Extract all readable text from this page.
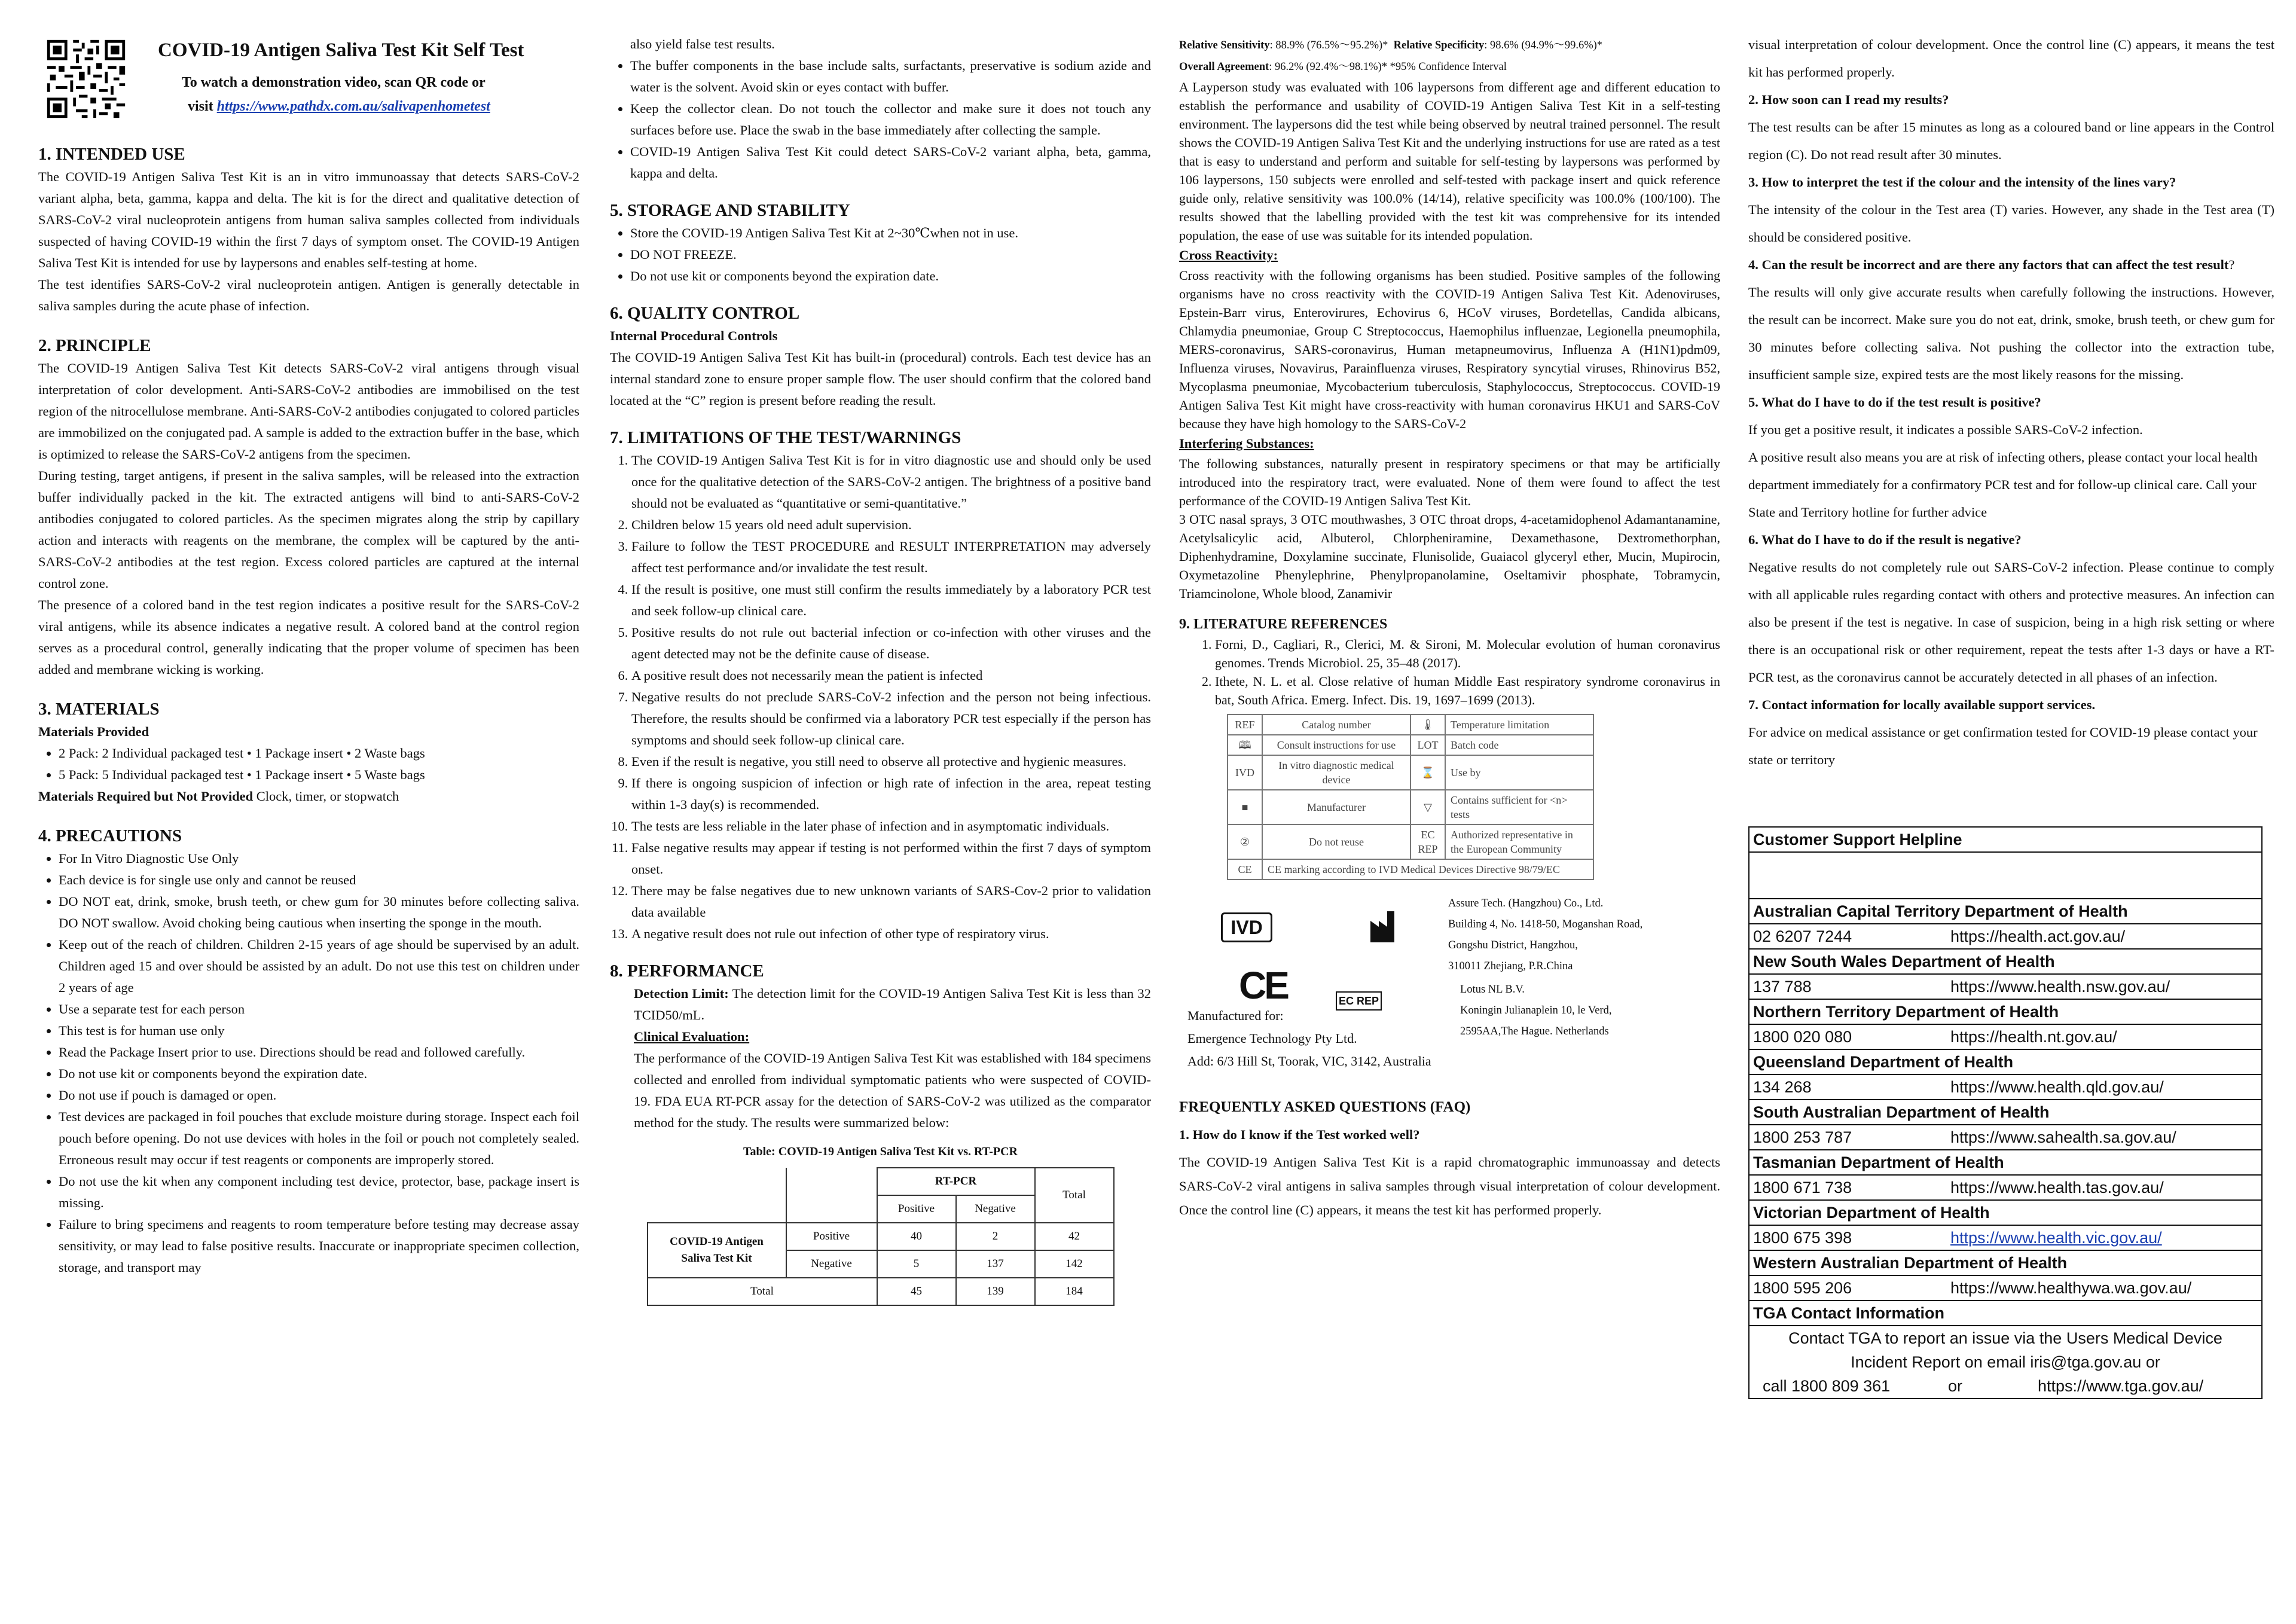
COVID-19 Antigen Saliva Test Kit Self Test
To watch a demonstration video, scan QR code or
visit https://www.pathdx.com.au/salivapenhometest
1. INTENDED USE

The COVID-19 Antigen Saliva Test Kit is an in vitro immunoassay that detects SARS-CoV-2 variant alpha, beta, gamma, kappa and delta. The kit is for the direct and qualitative detection of SARS-CoV-2 viral nucleoprotein antigens from human saliva samples collected from individuals suspected of having COVID-19 within the first 7 days of symptom onset. The COVID-19 Antigen Saliva Test Kit is intended for use by laypersons and enables self-testing at home.

The test identifies SARS-CoV-2 viral nucleoprotein antigen. Antigen is generally detectable in saliva samples during the acute phase of infection.

2. PRINCIPLE

The COVID-19 Antigen Saliva Test Kit detects SARS-CoV-2 viral antigens through visual interpretation of color development. Anti-SARS-CoV-2 antibodies are immobilised on the test region of the nitrocellulose membrane. Anti-SARS-CoV-2 antibodies conjugated to colored particles are immobilized on the conjugated pad. A sample is added to the extraction buffer in the base, which is optimized to release the SARS-CoV-2 antigens from the specimen.

During testing, target antigens, if present in the saliva samples, will be released into the extraction buffer individually packed in the kit. The extracted antigens will bind to anti-SARS-CoV-2 antibodies conjugated to colored particles. As the specimen migrates along the strip by capillary action and interacts with reagents on the membrane, the complex will be captured by the anti-SARS-CoV-2 antibodies at the test region. Excess colored particles are captured at the internal control zone.

The presence of a colored band in the test region indicates a positive result for the SARS-CoV-2 viral antigens, while its absence indicates a negative result. A colored band at the control region serves as a procedural control, generally indicating that the proper volume of specimen has been added and membrane wicking is working.

3. MATERIALS
Materials Provided
• 2 Pack: 2 Individual packaged test • 1 Package insert • 2 Waste bags
• 5 Pack: 5 Individual packaged test • 1 Package insert • 5 Waste bags
Materials Required but Not Provided Clock, timer, or stopwatch
4. PRECAUTIONS
• For In Vitro Diagnostic Use Only
• Each device is for single use only and cannot be reused
• DO NOT eat, drink, smoke, brush teeth, or chew gum for 30 minutes before collecting saliva. DO NOT swallow. Avoid choking being cautious when inserting the sponge in the mouth.
• Keep out of the reach of children. Children 2-15 years of age should be supervised by an adult. Children aged 15 and over should be assisted by an adult. Do not use this test on children under 2 years of age
• Use a separate test for each person
• This test is for human use only
• Read the Package Insert prior to use. Directions should be read and followed carefully.
• Do not use kit or components beyond the expiration date.
• Do not use if pouch is damaged or open.
• Test devices are packaged in foil pouches that exclude moisture during storage. Inspect each foil pouch before opening. Do not use devices with holes in the foil or pouch not completely sealed. Erroneous result may occur if test reagents or components are improperly stored.
• Do not use the kit when any component including test device, protector, base, package insert is missing.
• Failure to bring specimens and reagents to room temperature before testing may decrease assay sensitivity, or may lead to false positive results. Inaccurate or inappropriate specimen collection, storage, and transport may

also yield false test results.

• The buffer components in the base include salts, surfactants, preservative is sodium azide and water is the solvent. Avoid skin or eyes contact with buffer.
• Keep the collector clean. Do not touch the collector and make sure it does not touch any surfaces before use. Place the swab in the base immediately after collecting the sample.
• COVID-19 Antigen Saliva Test Kit could detect SARS-CoV-2 variant alpha, beta, gamma, kappa and delta.
5. STORAGE AND STABILITY
• Store the COVID-19 Antigen Saliva Test Kit at 2~30℃when not in use.
• DO NOT FREEZE.
• Do not use kit or components beyond the expiration date.
6. QUALITY CONTROL
Internal Procedural Controls

The COVID-19 Antigen Saliva Test Kit has built-in (procedural) controls. Each test device has an internal standard zone to ensure proper sample flow. The user should confirm that the colored band located at the “C” region is present before reading the result.

7. LIMITATIONS OF THE TEST/WARNINGS
1. The COVID-19 Antigen Saliva Test Kit is for in vitro diagnostic use and should only be used once for the qualitative detection of the SARS-CoV-2 antigen. The brightness of a positive band should not be evaluated as “quantitative or semi-quantitative.”
2. Children below 15 years old need adult supervision.
3. Failure to follow the TEST PROCEDURE and RESULT INTERPRETATION may adversely affect test performance and/or invalidate the test result.
4. If the result is positive, one must still confirm the results immediately by a laboratory PCR test and seek follow-up clinical care.
5. Positive results do not rule out bacterial infection or co-infection with other viruses and the agent detected may not be the definite cause of disease.
6. A positive result does not necessarily mean the patient is infected
7. Negative results do not preclude SARS-CoV-2 infection and the person not being infectious. Therefore, the results should be confirmed via a laboratory PCR test especially if the person has symptoms and should seek follow-up clinical care.
8. Even if the result is negative, you still need to observe all protective and hygienic measures.
9. If there is ongoing suspicion of infection or high rate of infection in the area, repeat testing within 1-3 day(s) is recommended.
10. The tests are less reliable in the later phase of infection and in asymptomatic individuals.
11. False negative results may appear if testing is not performed within the first 7 days of symptom onset.
12. There may be false negatives due to new unknown variants of SARS-Cov-2 prior to validation data available
13. A negative result does not rule out infection of other type of respiratory virus.
8. PERFORMANCE

Detection Limit: The detection limit for the COVID-19 Antigen Saliva Test Kit is less than 32 TCID50/mL.

Clinical Evaluation:

The performance of the COVID-19 Antigen Saliva Test Kit was established with 184 specimens collected and enrolled from individual symptomatic patients who were suspected of COVID-19. FDA EUA RT-PCR assay for the detection of SARS-CoV-2 was utilized as the comparator method for the study. The results were summarized below:

Table: COVID-19 Antigen Saliva Test Kit vs. RT-PCR
		RT-PCR		Total
		Positive	Negative	
COVID-19 Antigen Saliva Test Kit	Positive	40	2	42
	Negative	5	137	142
Total		45	139	184
Relative Sensitivity: 88.9% (76.5%～95.2%)* Relative Specificity: 98.6% (94.9%～99.6%)*
Overall Agreement: 96.2% (92.4%～98.1%)* *95% Confidence Interval

A Layperson study was evaluated with 106 laypersons from different age and different education to establish the performance and usability of COVID-19 Antigen Saliva Test Kit in a self-testing environment. The laypersons did the test while being observed by neutral trained personnel. The result shows the COVID-19 Antigen Saliva Test Kit and the underlying instructions for use are rated as a test that is easy to understand and perform and suitable for self-testing by laypersons was performed by 106 laypersons, 150 subjects were enrolled and self-tested with package insert and quick reference guide only, relative sensitivity was 100.0% (14/14), relative specificity was 100.0% (100/100). The results showed that the labelling provided with the test kit was comprehensive for its intended population, the ease of use was suitable for its intended population.

Cross Reactivity:

Cross reactivity with the following organisms has been studied. Positive samples of the following organisms have no cross reactivity with the COVID-19 Antigen Saliva Test Kit. Adenoviruses, Epstein-Barr virus, Enterovirures, Echovirus 6, HCoV viruses, Bordetellas, Candida albicans, Chlamydia pneumoniae, Group C Streptococcus, Haemophilus influenzae, Legionella pneumophila, MERS-coronavirus, SARS-coronavirus, Human metapneumovirus, Influenza A (H1N1)pdm09, Influenza viruses, Novavirus, Parainfluenza viruses, Respiratory syncytial viruses, Rhinovirus B52, Mycoplasma pneumoniae, Mycobacterium tuberculosis, Staphylococcus, Streptococcus. COVID-19 Antigen Saliva Test Kit might have cross-reactivity with human coronavirus HKU1 and SARS-CoV because they have high homology to the SARS-CoV-2

Interfering Substances:

The following substances, naturally present in respiratory specimens or that may be artificially introduced into the respiratory tract, were evaluated. None of them were found to affect the test performance of the COVID-19 Antigen Saliva Test Kit.

3 OTC nasal sprays, 3 OTC mouthwashes, 3 OTC throat drops, 4-acetamidophenol Adamantanamine, Acetylsalicylic acid, Albuterol, Chlorpheniramine, Dexamethasone, Dextromethorphan, Diphenhydramine, Doxylamine succinate, Flunisolide, Guaiacol glyceryl ether, Mucin, Mupirocin, Oxymetazoline Phenylephrine, Phenylpropanolamine, Oseltamivir phosphate, Tobramycin, Triamcinolone, Whole blood, Zanamivir

9. LITERATURE REFERENCES
1. Forni, D., Cagliari, R., Clerici, M. & Sironi, M. Molecular evolution of human coronavirus genomes. Trends Microbiol. 25, 35–48 (2017).
2. Ithete, N. L. et al. Close relative of human Middle East respiratory syndrome coronavirus in bat, South Africa. Emerg. Infect. Dis. 19, 1697–1699 (2013).
REF	Catalog number	🌡	Temperature limitation
🕮	Consult instructions for use	LOT	Batch code
IVD	In vitro diagnostic medical device	⌛	Use by
■	Manufacturer	▽	Contains sufficient for <n> tests
②	Do not reuse	EC REP	Authorized representative in the European Community
CE	CE marking according to IVD Medical Devices Directive 98/79/EC		
IVD
Assure Tech. (Hangzhou) Co., Ltd.
Building 4, No. 1418-50, Moganshan Road,
Gongshu District, Hangzhou,
310011 Zhejiang, P.R.China
CE	EC REP
Lotus NL B.V.
Koningin Julianaplein 10, le Verd,
2595AA,The Hague. Netherlands
Manufactured for:
Emergence Technology Pty Ltd.
Add: 6/3 Hill St, Toorak, VIC, 3142, Australia
FREQUENTLY ASKED QUESTIONS (FAQ)
1. How do I know if the Test worked well?

The COVID-19 Antigen Saliva Test Kit is a rapid chromatographic immunoassay and detects SARS-CoV-2 viral antigens in saliva samples through visual interpretation of colour development. Once the control line (C) appears, it means the test kit has performed properly.

visual interpretation of colour development. Once the control line (C) appears, it means the test kit has performed properly.

2. How soon can I read my results?

The test results can be after 15 minutes as long as a coloured band or line appears in the Control region (C). Do not read result after 30 minutes.

3. How to interpret the test if the colour and the intensity of the lines vary?

The intensity of the colour in the Test area (T) varies. However, any shade in the Test area (T) should be considered positive.

4. Can the result be incorrect and are there any factors that can affect the test result?

The results will only give accurate results when carefully following the instructions. However, the result can be incorrect. Make sure you do not eat, drink, smoke, brush teeth, or chew gum for 30 minutes before collecting saliva. Not pushing the collector into the extraction tube, insufficient sample size, expired tests are the most likely reasons for the missing.

5. What do I have to do if the test result is positive?

If you get a positive result, it indicates a possible SARS-CoV-2 infection.

A positive result also means you are at risk of infecting others, please contact your local health department immediately for a confirmatory PCR test and for follow-up clinical care. Call your State and Territory hotline for further advice

6. What do I have to do if the result is negative?

Negative results do not completely rule out SARS-CoV-2 infection. Please continue to comply with all applicable rules regarding contact with others and protective measures. An infection can also be present if the test is negative. In case of suspicion, being in a high risk setting or where there is an occupational risk or other requirement, repeat the tests after 1-3 days or have a RT-PCR test, as the coronavirus cannot be accurately detected in all phases of an infection.

7. Contact information for locally available support services.

For advice on medical assistance or get confirmation tested for COVID-19 please contact your state or territory

Customer Support Helpline

Australian Capital Territory Department of Health
02 6207 7244	https://health.act.gov.au/
New South Wales Department of Health
137 788	https://www.health.nsw.gov.au/
Northern Territory Department of Health
1800 020 080	https://health.nt.gov.au/
Queensland Department of Health
134 268	https://www.health.qld.gov.au/
South Australian Department of Health
1800 253 787	https://www.sahealth.sa.gov.au/
Tasmanian Department of Health
1800 671 738	https://www.health.tas.gov.au/
Victorian Department of Health
1800 675 398	https://www.health.vic.gov.au/
Western Australian Department of Health
1800 595 206	https://www.healthywa.wa.gov.au/
TGA Contact Information

Contact TGA to report an issue via the Users Medical Device
Incident Report on email iris@tga.gov.au or
call 1800 809 361	or	https://www.tga.gov.au/
